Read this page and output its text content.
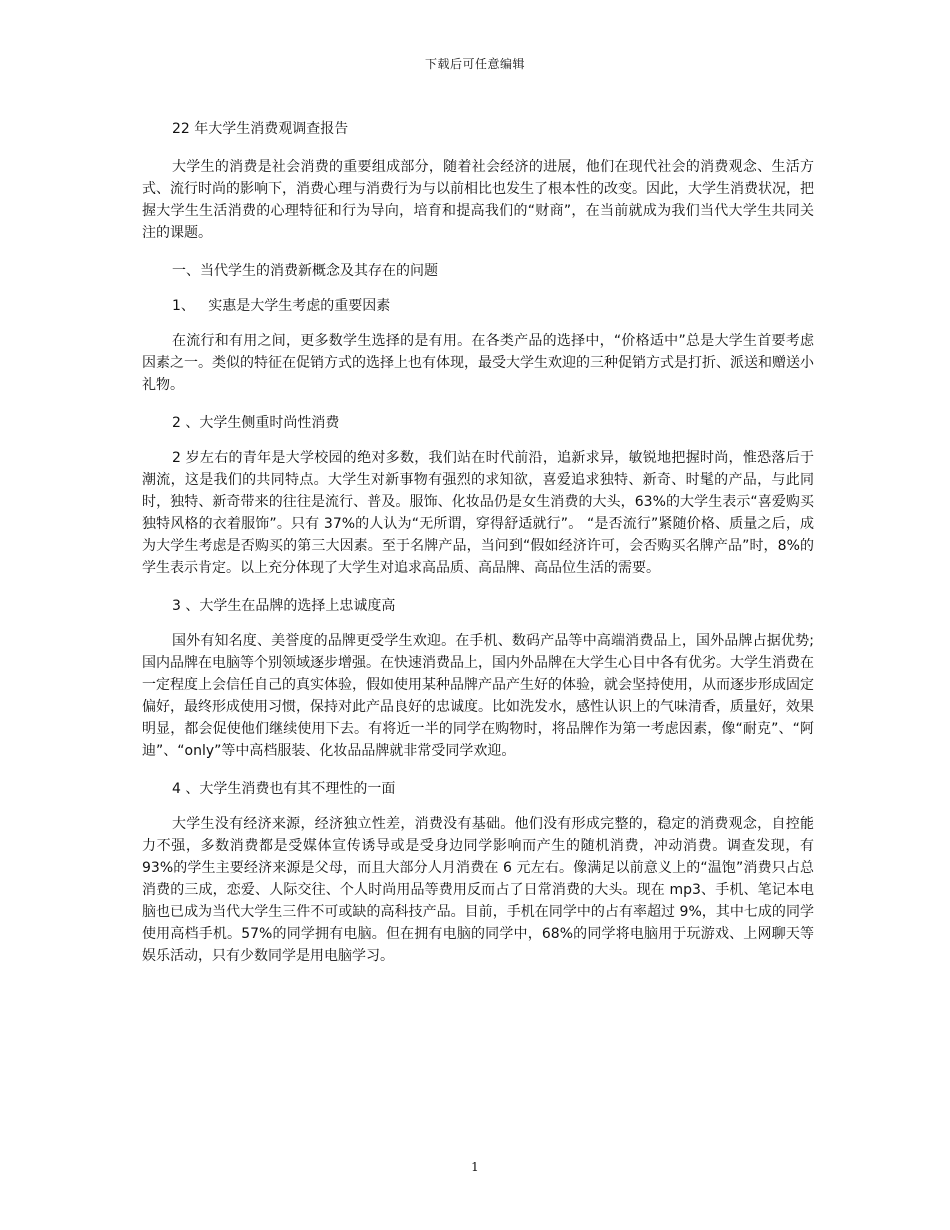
下载后可任意编辑

22 年大学生消费观调查报告

大学生的消费是社会消费的重要组成部分，随着社会经济的进展，他们在现代社会的消费观念、生活方式、流行时尚的影响下，消费心理与消费行为与以前相比也发生了根本性的改变。因此，大学生消费状况，把握大学生生活消费的心理特征和行为导向，培育和提高我们的“财商”，在当前就成为我们当代大学生共同关注的课题。

一、当代学生的消费新概念及其存在的问题

1、   实惠是大学生考虑的重要因素

在流行和有用之间，更多数学生选择的是有用。在各类产品的选择中，“价格适中”总是大学生首要考虑因素之一。类似的特征在促销方式的选择上也有体现，最受大学生欢迎的三种促销方式是打折、派送和赠送小礼物。

2 、大学生侧重时尚性消费

2 岁左右的青年是大学校园的绝对多数，我们站在时代前沿，追新求异，敏锐地把握时尚，惟恐落后于潮流，这是我们的共同特点。大学生对新事物有强烈的求知欲，喜爱追求独特、新奇、时髦的产品，与此同时，独特、新奇带来的往往是流行、普及。服饰、化妆品仍是女生消费的大头，63%的大学生表示“喜爱购买独特风格的衣着服饰”。只有 37%的人认为“无所谓，穿得舒适就行”。 “是否流行”紧随价格、质量之后，成为大学生考虑是否购买的第三大因素。至于名牌产品，当问到“假如经济许可，会否购买名牌产品”时，8%的学生表示肯定。以上充分体现了大学生对追求高品质、高品牌、高品位生活的需要。

3 、大学生在品牌的选择上忠诚度高

国外有知名度、美誉度的品牌更受学生欢迎。在手机、数码产品等中高端消费品上，国外品牌占据优势;国内品牌在电脑等个别领域逐步增强。在快速消费品上，国内外品牌在大学生心目中各有优劣。大学生消费在一定程度上会信任自己的真实体验，假如使用某种品牌产品产生好的体验，就会坚持使用，从而逐步形成固定偏好，最终形成使用习惯，保持对此产品良好的忠诚度。比如洗发水，感性认识上的气味清香，质量好，效果明显，都会促使他们继续使用下去。有将近一半的同学在购物时，将品牌作为第一考虑因素，像“耐克”、“阿迪”、“only”等中高档服装、化妆品品牌就非常受同学欢迎。

4 、大学生消费也有其不理性的一面

大学生没有经济来源，经济独立性差，消费没有基础。他们没有形成完整的，稳定的消费观念，自控能力不强，多数消费都是受媒体宣传诱导或是受身边同学影响而产生的随机消费，冲动消费。调查发现，有 93%的学生主要经济来源是父母，而且大部分人月消费在 6 元左右。像满足以前意义上的“温饱”消费只占总消费的三成，恋爱、人际交往、个人时尚用品等费用反而占了日常消费的大头。现在 mp3、手机、笔记本电脑也已成为当代大学生三件不可或缺的高科技产品。目前，手机在同学中的占有率超过 9%，其中七成的同学使用高档手机。57%的同学拥有电脑。但在拥有电脑的同学中，68%的同学将电脑用于玩游戏、上网聊天等娱乐活动，只有少数同学是用电脑学习。

1
